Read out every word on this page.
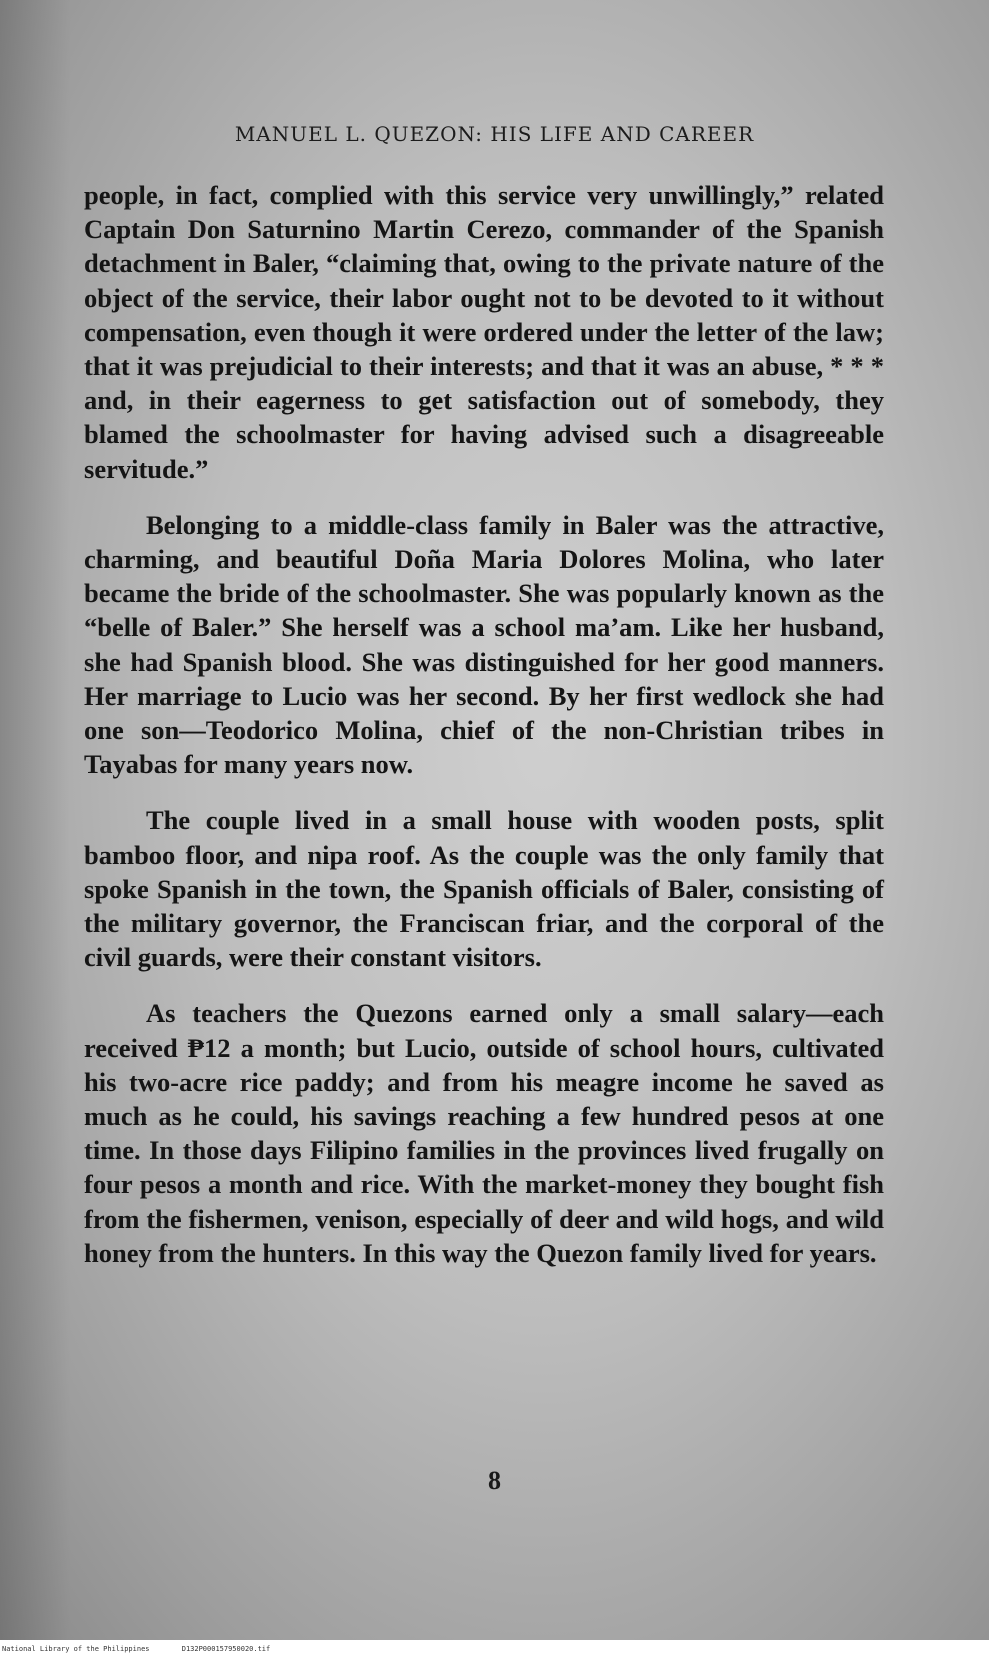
MANUEL L. QUEZON: HIS LIFE AND CAREER

people, in fact, complied with this service very unwillingly,” related Captain Don Saturnino Martin Cerezo, commander of the Spanish detachment in Baler, “claiming that, owing to the private nature of the object of the service, their labor ought not to be devoted to it without compensation, even though it were ordered under the letter of the law; that it was prejudicial to their interests; and that it was an abuse, * * * and, in their eagerness to get satisfaction out of somebody, they blamed the schoolmaster for having advised such a disagreeable servitude.”

Belonging to a middle-class family in Baler was the attractive, charming, and beautiful Doña Maria Dolores Molina, who later became the bride of the schoolmaster. She was popularly known as the “belle of Baler.” She herself was a school ma’am. Like her husband, she had Spanish blood. She was distinguished for her good manners. Her marriage to Lucio was her second. By her first wedlock she had one son—Teodorico Molina, chief of the non-Christian tribes in Tayabas for many years now.

The couple lived in a small house with wooden posts, split bamboo floor, and nipa roof. As the couple was the only family that spoke Spanish in the town, the Spanish officials of Baler, consisting of the military governor, the Franciscan friar, and the corporal of the civil guards, were their constant visitors.

As teachers the Quezons earned only a small salary—each received ₱12 a month; but Lucio, outside of school hours, cultivated his two-acre rice paddy; and from his meagre income he saved as much as he could, his savings reaching a few hundred pesos at one time. In those days Filipino families in the provinces lived frugally on four pesos a month and rice. With the market-money they bought fish from the fishermen, venison, especially of deer and wild hogs, and wild honey from the hunters. In this way the Quezon family lived for years.

8
National Library of the Philippines	D132P000157950020.tif
